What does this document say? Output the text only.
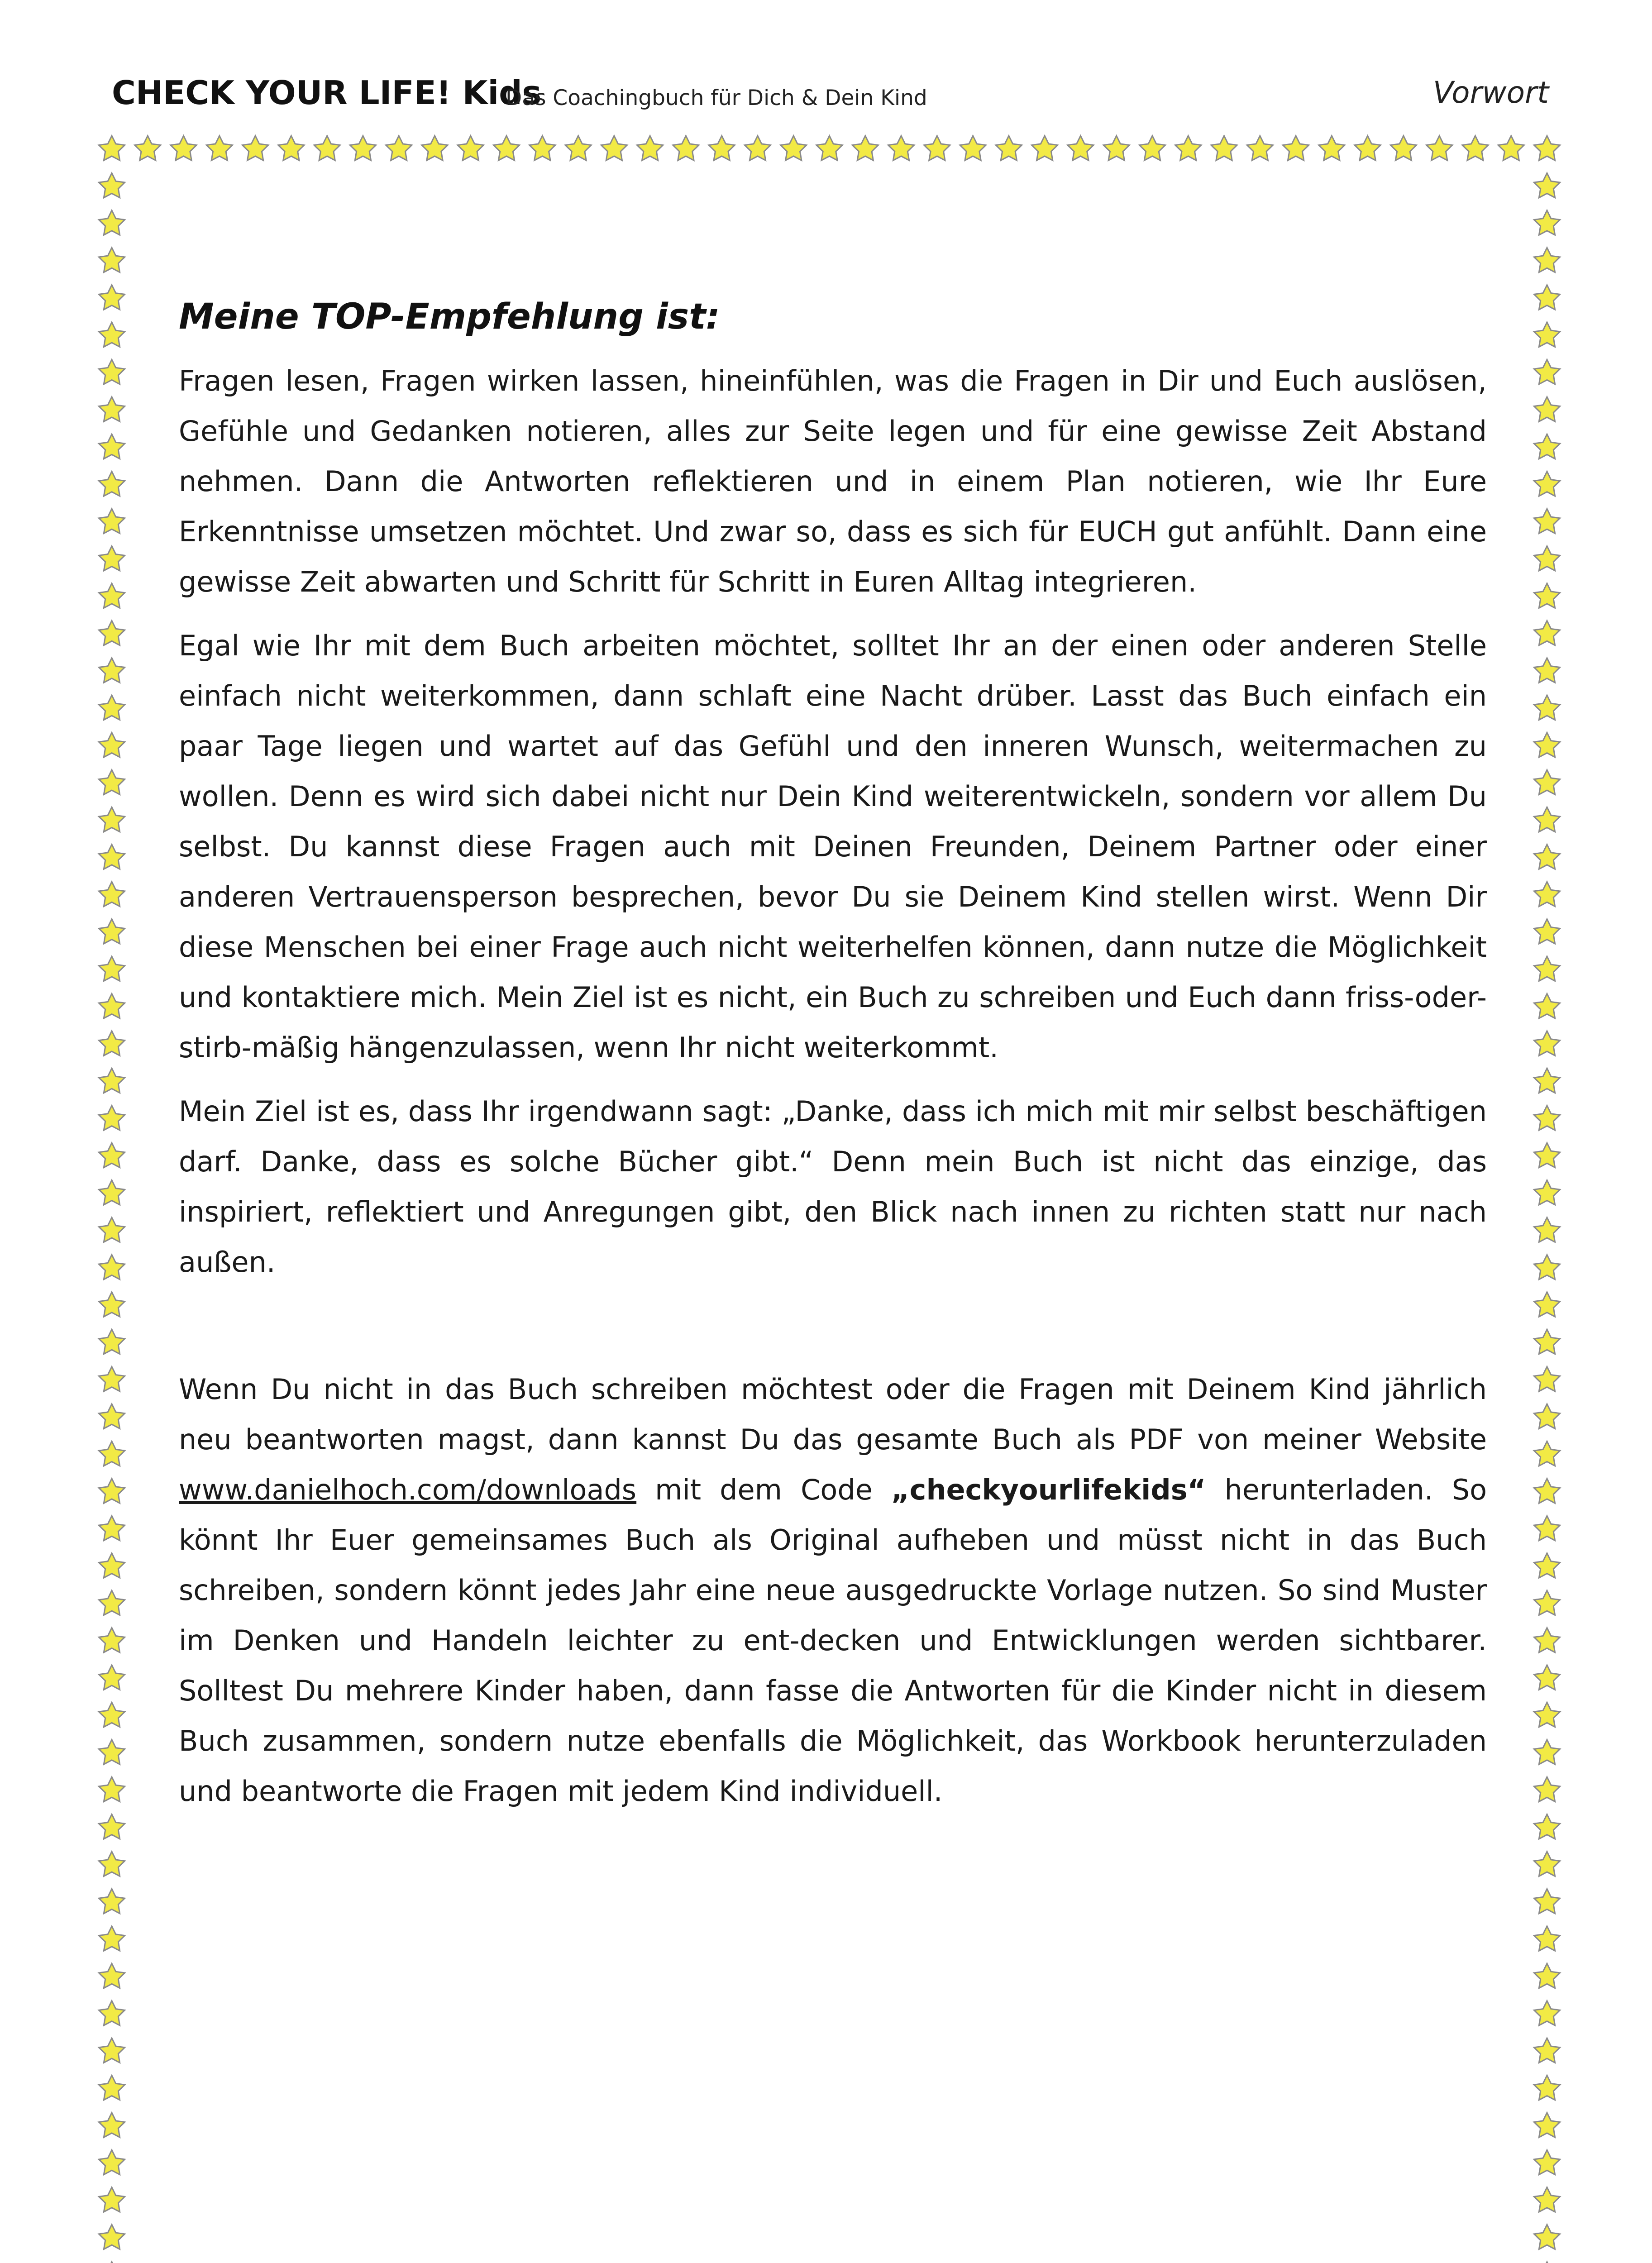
CHECK YOUR LIFE! Kids
Das Coachingbuch für Dich & Dein Kind	Vorwort
Meine TOP-Empfehlung ist:

Fragen lesen, Fragen wirken lassen, hineinfühlen, was die Fragen in Dir und Euch auslösen, Gefühle und Gedanken notieren, alles zur Seite legen und für eine gewisse Zeit Abstand nehmen. Dann die Antworten reflektieren und in einem Plan notieren, wie Ihr Eure Erkenntnisse umsetzen möchtet. Und zwar so, dass es sich für EUCH gut anfühlt. Dann eine gewisse Zeit abwarten und Schritt für Schritt in Euren Alltag integrieren.

Egal wie Ihr mit dem Buch arbeiten möchtet, solltet Ihr an der einen oder anderen Stelle einfach nicht weiterkommen, dann schlaft eine Nacht drüber. Lasst das Buch einfach ein paar Tage liegen und wartet auf das Gefühl und den inneren Wunsch, weitermachen zu wollen. Denn es wird sich dabei nicht nur Dein Kind weiterentwickeln, sondern vor allem Du selbst. Du kannst diese Fragen auch mit Deinen Freunden, Deinem Partner oder einer anderen Vertrauensperson besprechen, bevor Du sie Deinem Kind stellen wirst. Wenn Dir diese Menschen bei einer Frage auch nicht weiterhelfen können, dann nutze die Möglichkeit und kontaktiere mich. Mein Ziel ist es nicht, ein Buch zu schreiben und Euch dann friss-oder-stirb-mäßig hängenzulassen, wenn Ihr nicht weiterkommt.

Mein Ziel ist es, dass Ihr irgendwann sagt: „Danke, dass ich mich mit mir selbst beschäftigen darf. Danke, dass es solche Bücher gibt.“ Denn mein Buch ist nicht das einzige, das inspiriert, reflektiert und Anregungen gibt, den Blick nach innen zu richten statt nur nach außen.

Wenn Du nicht in das Buch schreiben möchtest oder die Fragen mit Deinem Kind jährlich neu beantworten magst, dann kannst Du das gesamte Buch als PDF von meiner Website www.danielhoch.com/downloads mit dem Code „checkyourlifekids“ herunterladen. So könnt Ihr Euer gemeinsames Buch als Original aufheben und müsst nicht in das Buch schreiben, sondern könnt jedes Jahr eine neue ausgedruckte Vorlage nutzen. So sind Muster im Denken und Handeln leichter zu ent-decken und Entwicklungen werden sichtbarer. Solltest Du mehrere Kinder haben, dann fasse die Antworten für die Kinder nicht in diesem Buch zusammen, sondern nutze ebenfalls die Möglichkeit, das Workbook herunterzuladen und beantworte die Fragen mit jedem Kind individuell.
